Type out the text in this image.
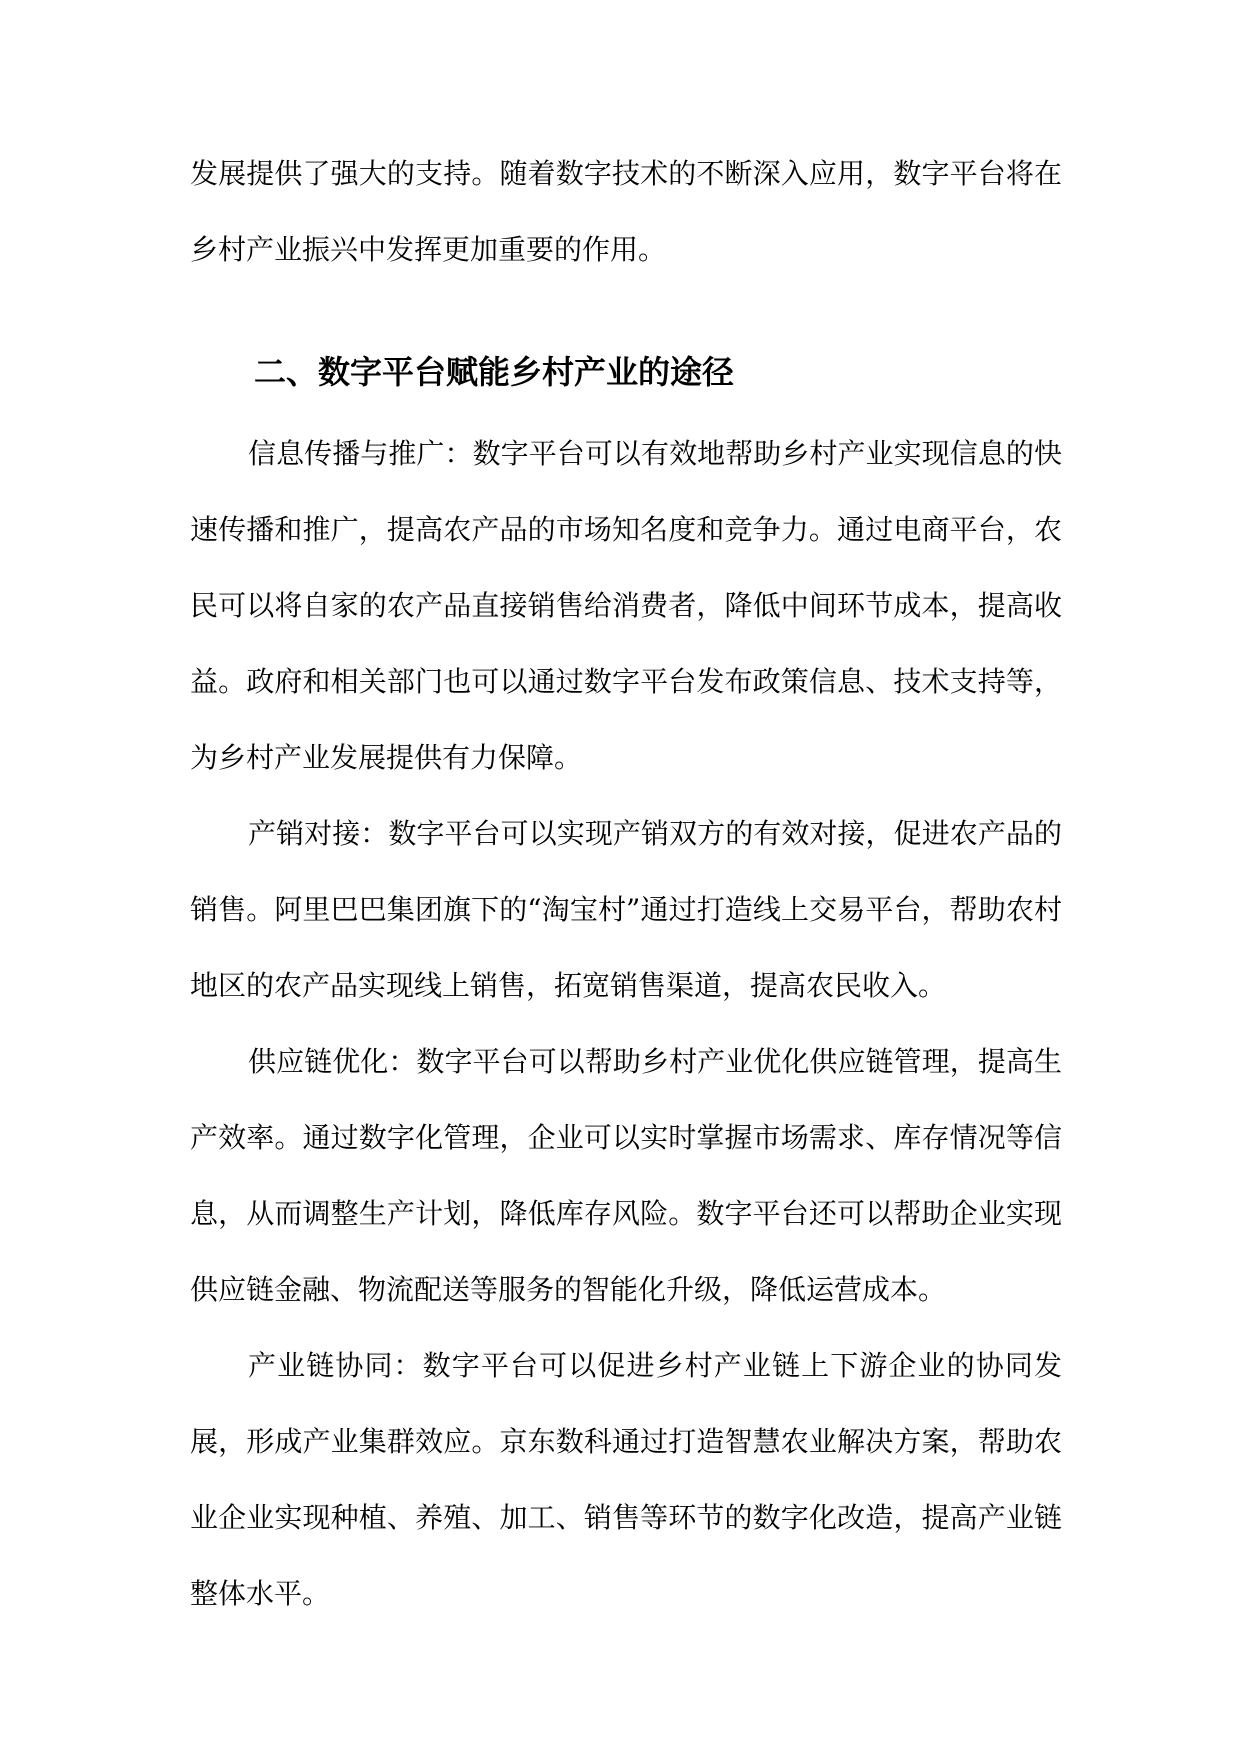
发展提供了强大的支持。随着数字技术的不断深入应用，数字平台将在乡村产业振兴中发挥更加重要的作用。

二、数字平台赋能乡村产业的途径

信息传播与推广：数字平台可以有效地帮助乡村产业实现信息的快速传播和推广，提高农产品的市场知名度和竞争力。通过电商平台，农民可以将自家的农产品直接销售给消费者，降低中间环节成本，提高收益。政府和相关部门也可以通过数字平台发布政策信息、技术支持等，为乡村产业发展提供有力保障。

产销对接：数字平台可以实现产销双方的有效对接，促进农产品的销售。阿里巴巴集团旗下的“淘宝村”通过打造线上交易平台，帮助农村地区的农产品实现线上销售，拓宽销售渠道，提高农民收入。

供应链优化：数字平台可以帮助乡村产业优化供应链管理，提高生产效率。通过数字化管理，企业可以实时掌握市场需求、库存情况等信息，从而调整生产计划，降低库存风险。数字平台还可以帮助企业实现供应链金融、物流配送等服务的智能化升级，降低运营成本。

产业链协同：数字平台可以促进乡村产业链上下游企业的协同发展，形成产业集群效应。京东数科通过打造智慧农业解决方案，帮助农业企业实现种植、养殖、加工、销售等环节的数字化改造，提高产业链整体水平。
